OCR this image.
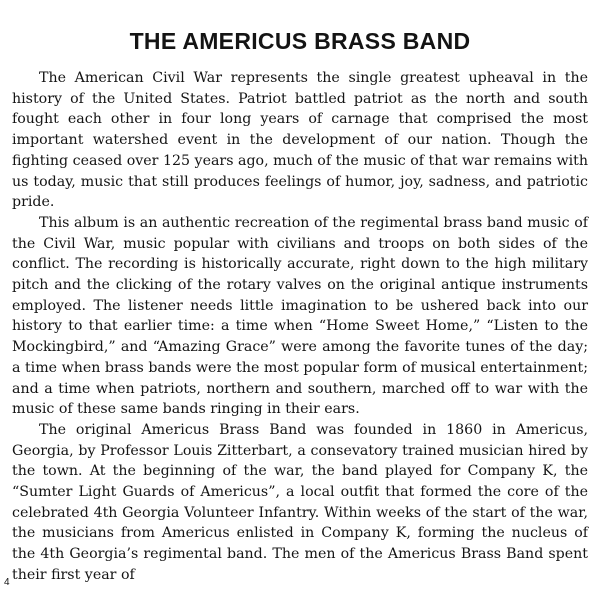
THE AMERICUS BRASS BAND

The American Civil War represents the single greatest upheaval in the history of the United States. Patriot battled patriot as the north and south fought each other in four long years of carnage that comprised the most important watershed event in the development of our nation. Though the fighting ceased over 125 years ago, much of the music of that war remains with us today, music that still produces feelings of humor, joy, sadness, and patriotic pride.

This album is an authentic recreation of the regimental brass band music of the Civil War, music popular with civilians and troops on both sides of the conflict. The recording is historically accurate, right down to the high military pitch and the clicking of the rotary valves on the original antique instruments employed. The listener needs little imagination to be ushered back into our history to that earlier time: a time when “Home Sweet Home,” “Listen to the Mockingbird,” and “Amazing Grace” were among the favorite tunes of the day; a time when brass bands were the most popular form of musical entertainment; and a time when patriots, northern and southern, marched off to war with the music of these same bands ringing in their ears.

The original Americus Brass Band was founded in 1860 in Americus, Georgia, by Professor Louis Zitterbart, a consevatory trained musician hired by the town. At the beginning of the war, the band played for Company K, the “Sumter Light Guards of Americus”, a local outfit that formed the core of the celebrated 4th Georgia Volunteer Infantry. Within weeks of the start of the war, the musicians from Americus enlisted in Company K, forming the nucleus of the 4th Georgia’s regimental band. The men of the Americus Brass Band spent their first year of

4
